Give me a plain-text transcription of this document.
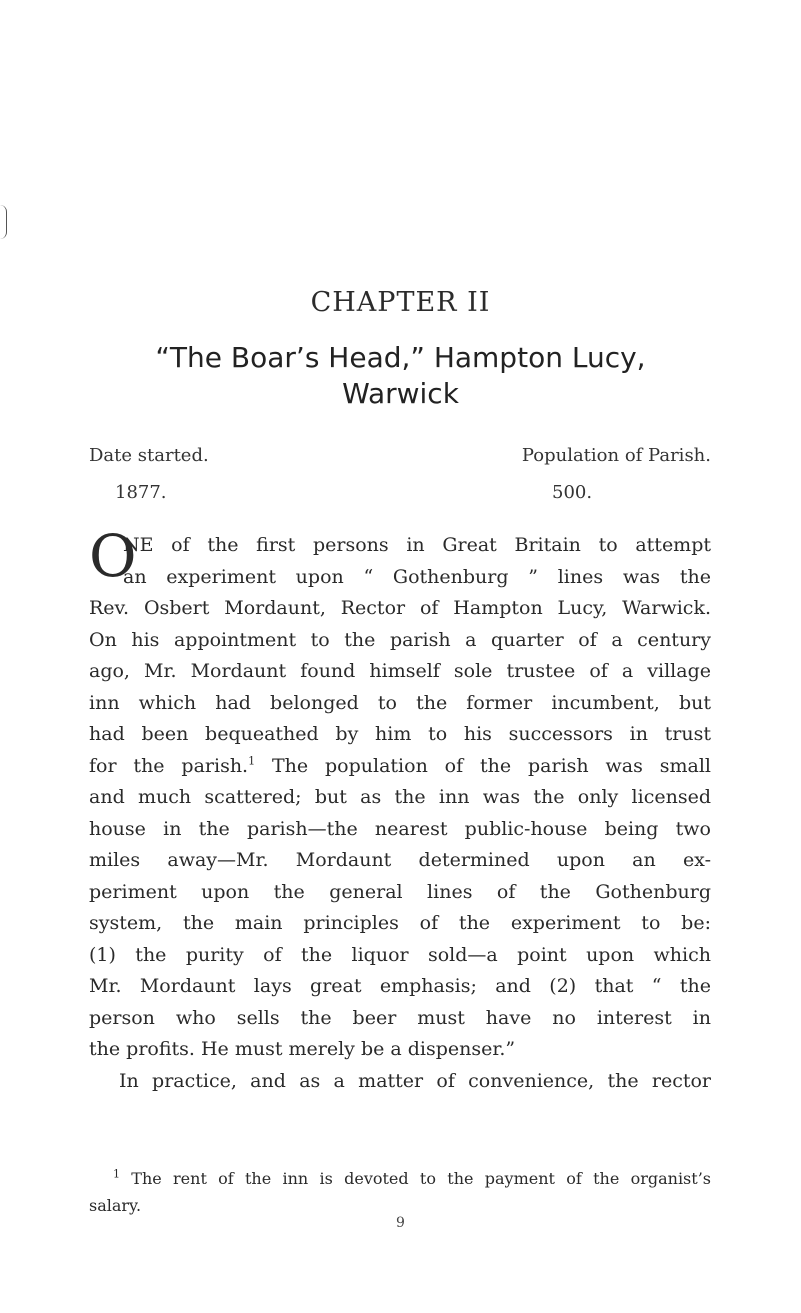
CHAPTER II
“The Boar’s Head,” Hampton Lucy,
Warwick
Date started.	Population of Parish.
1877.	500.
O
NE of the first persons in Great Britain to attempt
an experiment upon “ Gothenburg ” lines was the
Rev. Osbert Mordaunt, Rector of Hampton Lucy, Warwick.
On his appointment to the parish a quarter of a century
ago, Mr. Mordaunt found himself sole trustee of a village
inn which had belonged to the former incumbent, but
had been bequeathed by him to his successors in trust
for the parish.$^1$ The population of the parish was small
and much scattered; but as the inn was the only licensed
house in the parish—the nearest public-house being two
miles away—Mr. Mordaunt determined upon an ex-
periment upon the general lines of the Gothenburg
system, the main principles of the experiment to be:
(1) the purity of the liquor sold—a point upon which
Mr. Mordaunt lays great emphasis; and (2) that “ the
person who sells the beer must have no interest in
the profits. He must merely be a dispenser.”
In practice, and as a matter of convenience, the rector
$^1$ The rent of the inn is devoted to the payment of the organist’s
salary.
9
